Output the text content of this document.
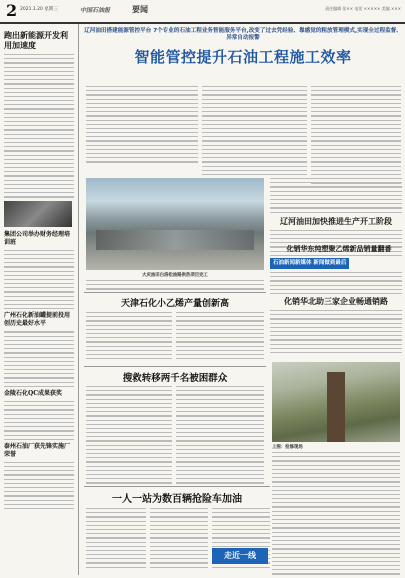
2 2021.1.20 星期三	中国石油报	要闻	责任编辑 张×× 电话 ××××× 美编 ×××
跑出新能源开发利用加速度
集团公司举办财务经理培训班
广州石化新油罐提前投用创历史最好水平
金陵石化QC成果获奖
泰州石油厂获先锋实施厂荣誉
辽河油田搭建能源管控平台 7个专业的石油工程业务智能服务平台,改变了过去凭经验、靠感觉的粗放管理模式,实现全过程监督、异常自动报警
智能管控提升石油工程施工效率
大庆油田白洛松油路供热项目完工
辽河油田加快推进生产开工阶段
石油新闻新媒体 新闻做到最后
化销华东纯塑聚乙烯新品销量翻番
化销华北助三家企业畅通销路
上图：抢修现场
天津石化小乙烯产量创新高
搜救转移两千名被困群众
一人一站为数百辆抢险车加油
走近一线
